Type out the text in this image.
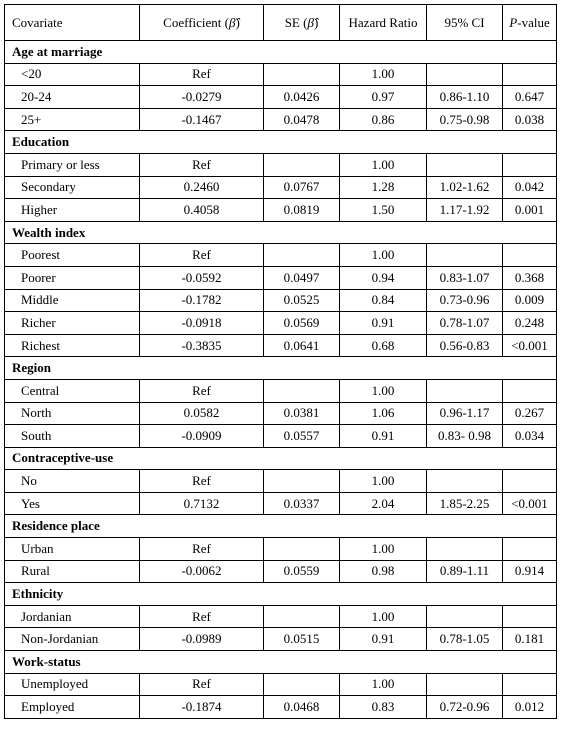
Covariate	Coefficient (β̂)	SE (β̂)	Hazard Ratio	95% CI	P-value
Age at marriage					
<20	Ref		1.00		
20-24	-0.0279	0.0426	0.97	0.86-1.10	0.647
25+	-0.1467	0.0478	0.86	0.75-0.98	0.038
Education					
Primary or less	Ref		1.00		
Secondary	0.2460	0.0767	1.28	1.02-1.62	0.042
Higher	0.4058	0.0819	1.50	1.17-1.92	0.001
Wealth index					
Poorest	Ref		1.00		
Poorer	-0.0592	0.0497	0.94	0.83-1.07	0.368
Middle	-0.1782	0.0525	0.84	0.73-0.96	0.009
Richer	-0.0918	0.0569	0.91	0.78-1.07	0.248
Richest	-0.3835	0.0641	0.68	0.56-0.83	<0.001
Region					
Central	Ref		1.00		
North	0.0582	0.0381	1.06	0.96-1.17	0.267
South	-0.0909	0.0557	0.91	0.83- 0.98	0.034
Contraceptive-use					
No	Ref		1.00		
Yes	0.7132	0.0337	2.04	1.85-2.25	<0.001
Residence place					
Urban	Ref		1.00		
Rural	-0.0062	0.0559	0.98	0.89-1.11	0.914
Ethnicity					
Jordanian	Ref		1.00		
Non-Jordanian	-0.0989	0.0515	0.91	0.78-1.05	0.181
Work-status					
Unemployed	Ref		1.00		
Employed	-0.1874	0.0468	0.83	0.72-0.96	0.012
